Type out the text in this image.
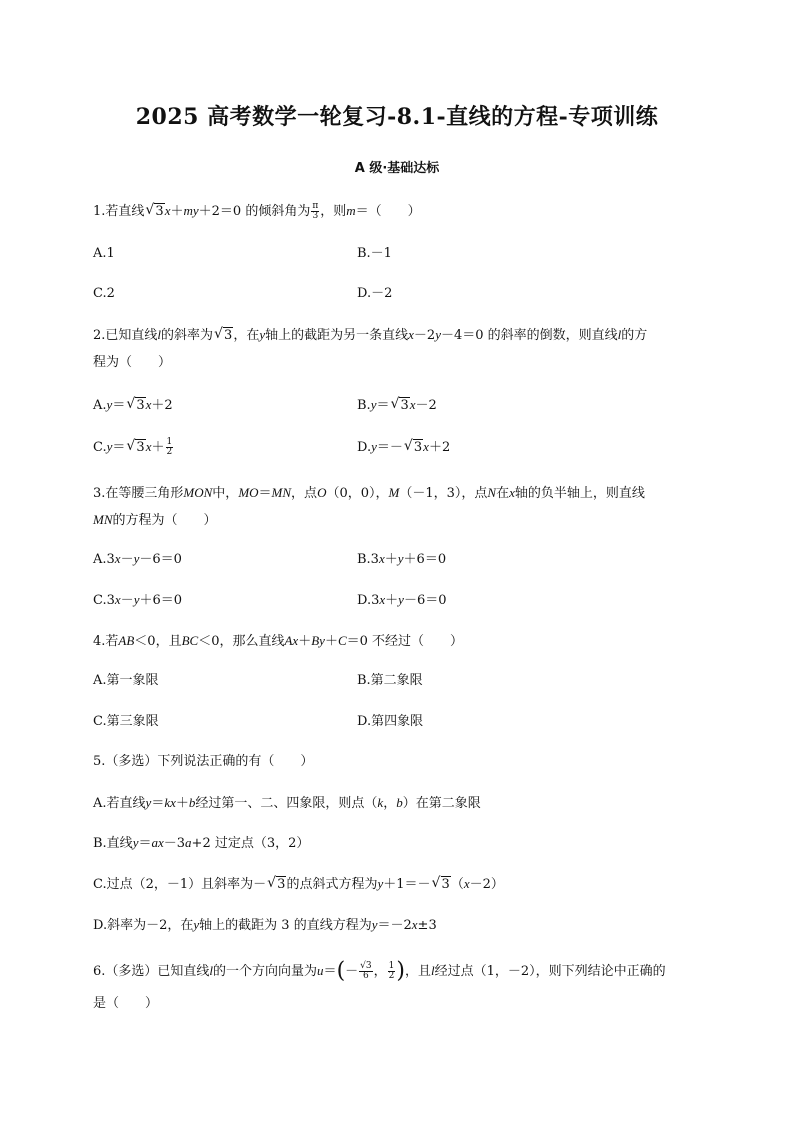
2025 高考数学一轮复习-8.1-直线的方程-专项训练
A 级·基础达标
1.若直线 √ 3x＋my＋2＝0 的倾斜角为 $\frac{\pi}{3}$ ，则m＝（　　）
A.1	B.－1
C.2	D.－2
2.已知直线l的斜率为 √ 3，在y轴上的截距为另一条直线x－2y－4＝0 的斜率的倒数，则直线l的方
程为（　　）
A.y＝ √ 3x＋2	B.y＝ √ 3x－2
C.y＝ √ $3x+ \frac{1}{2}$	D.y＝－ √ 3x＋2
3.在等腰三角形MON中，MO＝MN，点O（0，0），M（－1，3），点N在x轴的负半轴上，则直线
MN的方程为（　　）
A.3x－y－6＝0	B.3x＋y＋6＝0
C.3x－y＋6＝0	D.3x＋y－6＝0
4.若AB＜0，且BC＜0，那么直线Ax＋By＋C＝0 不经过（　　）
A.第一象限	B.第二象限
C.第三象限	D.第四象限
5.（多选）下列说法正确的有（　　）
A.若直线y＝kx＋b经过第一、二、四象限，则点（k，b）在第二象限
B.直线y＝ax－3a+2 过定点（3，2）
C.过点（2，－1）且斜率为－ √ 3的点斜式方程为y＋1＝－ √ 3（x－2）
D.斜率为－2，在y轴上的截距为 3 的直线方程为y＝－2x±3
6.（多选）已知直线l的一个方向向量为$u=(- \frac{√3}{6}$ ， $\frac{1}{2}$ )，且l经过点（1，－2），则下列结论中正确的
是（　　）
